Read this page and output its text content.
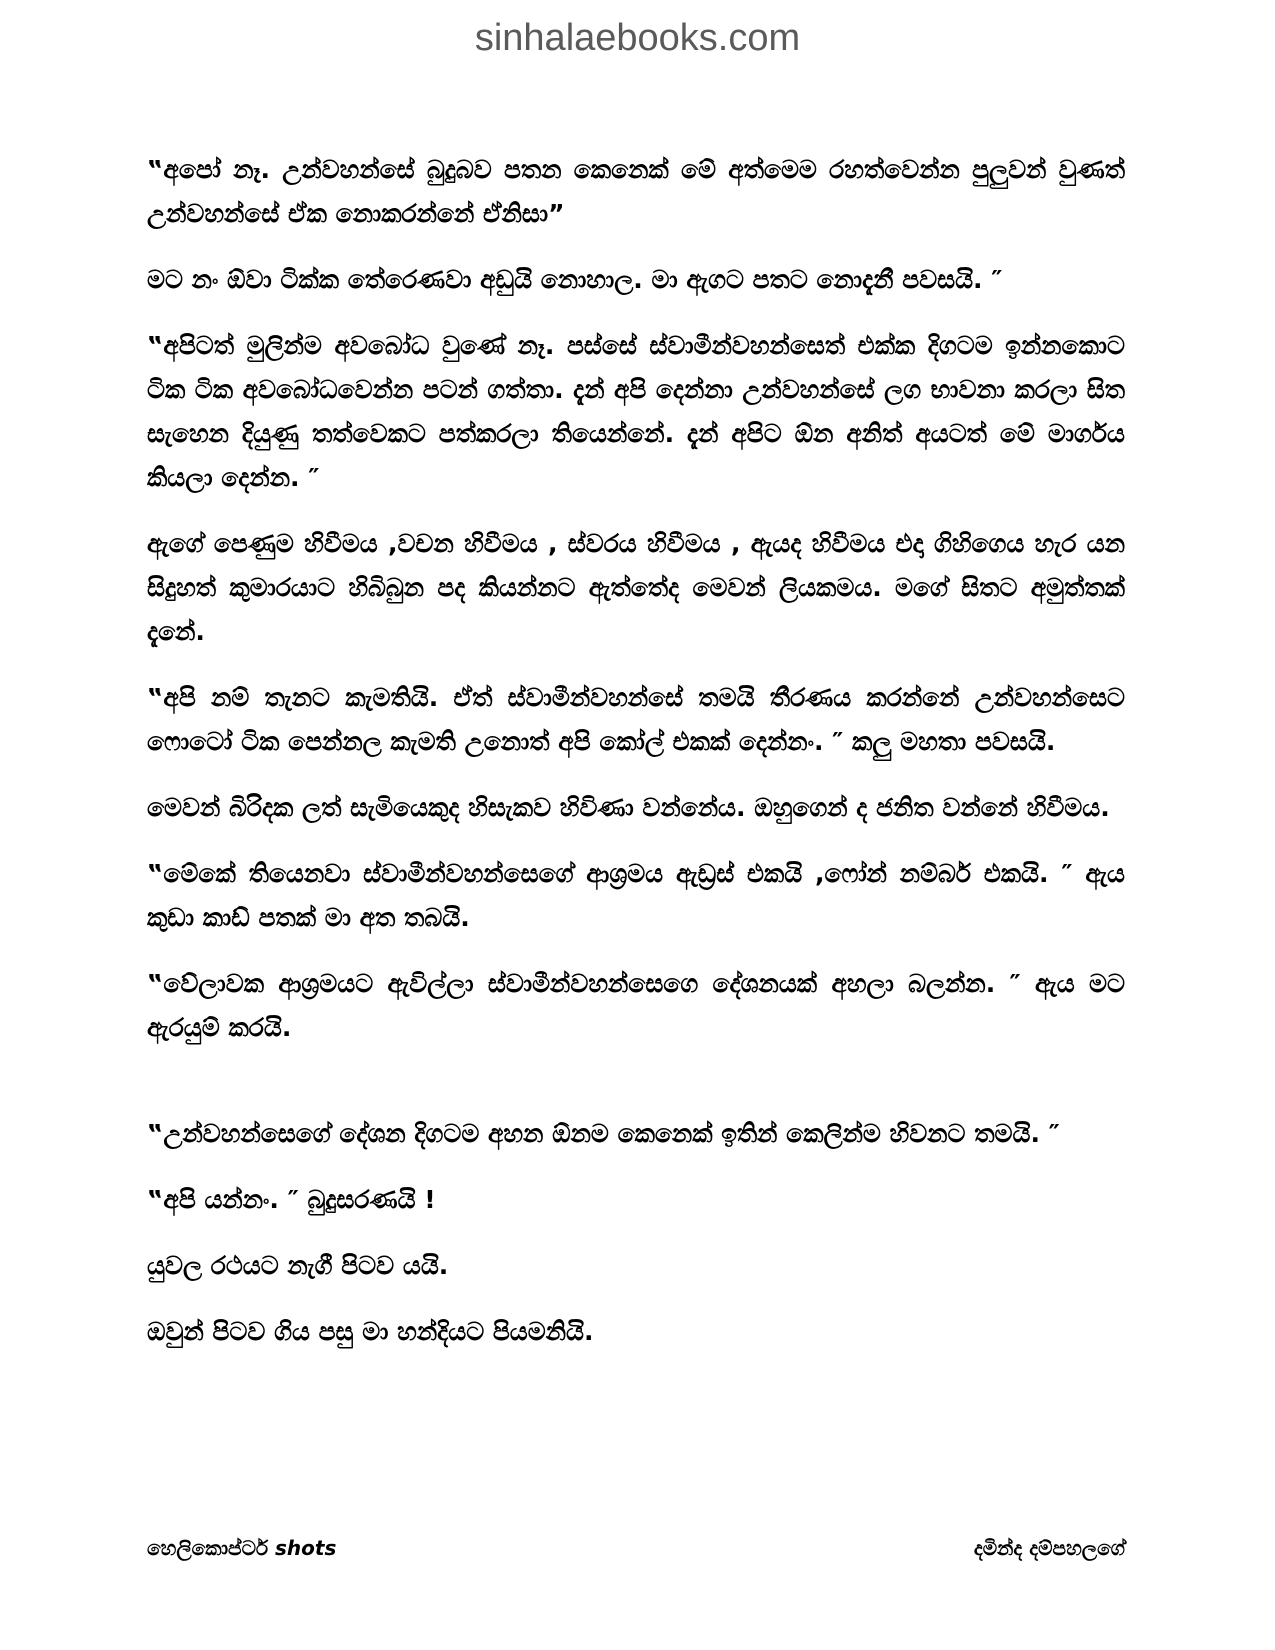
sinhalaebooks.com

‟අපෝ නෑ. උන්වහන්සේ බුදුබව පතන කෙනෙක් මේ අත්මෙම රහත්වෙන්න පුලුවන් වුණත් උන්වහන්සේ ඒක නොකරන්නේ ඒනිසා”

මට නං ඕවා ටික්ක තේරෙණවා අඩුයි නොහාල. මා ඇගට පතට නොදැනී පවසයි. ″

‟අපිටත් මුලින්ම අවබෝධ වුණේ නෑ. පස්සේ ස්වාමීන්වහන්සෙත් එක්ක දිගටම ඉන්නකොට ටික ටික අවබෝධවෙන්න පටන් ගත්තා. දැන් අපි දෙන්නා උන්වහන්සේ ලග භාවනා කරලා සිත සැහෙන දියුණු තත්වෙකට පත්කරලා තියෙන්නේ. දැන් අපිට ඕන අනිත් අයටත් මේ මාර්ගය කියලා දෙන්න. ″

ඇගේ පෙණුම හිවීමය ,වචන හිවීමය , ස්වරය හිවීමය , ඇයද හිවීමය එදා ගිහිගෙය හැර යන සිදුහත් කුමාරයාට හිබිබුන පද කියන්නට ඇත්තේද මෙවන් ලියකමය. මගේ සිතට අමුත්තක් දැනේ.

‟අපි නම් තැනට කැමතියි. ඒත් ස්වාමීන්වහන්සේ තමයි තීරණය කරන්නේ උන්වහන්සෙට ෆොටෝ ටික පෙන්නල කැමති උනොත් අපි කෝල් එකක් දෙන්නං. ″ කලු මහතා පවසයි.

මෙවන් බිරිදක ලත් සැමියෙකුද හිසැකව හිවිණා වන්නේය. ඔහුගෙන් ද ජනිත වන්නේ හිවීමය.

‟මේකේ තියෙනවා ස්වාමීන්වහන්සෙගේ ආශ්‍රමය ඇඩ්‍රස් එකයි ,ෆෝන් නම්බර් එකයි. ″ ඇය කුඩා කාඩ් පතක් මා අත තබයි.

‟වේලාවක ආශ්‍රමයට ඇවිල්ලා ස්වාමීන්වහන්සෙගෙ දේශනයක් අහලා බලන්න. ″ ඇය මට ඇරයුම් කරයි.

‟උන්වහන්සෙගේ දේශන දිගටම අහන ඕනම කෙනෙක් ඉතින් කෙලින්ම හිවනට තමයි. ″

‟අපි යන්නං. ″ බුදුසරණයි !

යුවල රථයට නැගී පිටව යයි.

ඔවුන් පිටව ගිය පසු මා හන්දියට පියමනියි.

හෙලිකොප්ටර් shots	දමින්ද දම්පහලගේ
